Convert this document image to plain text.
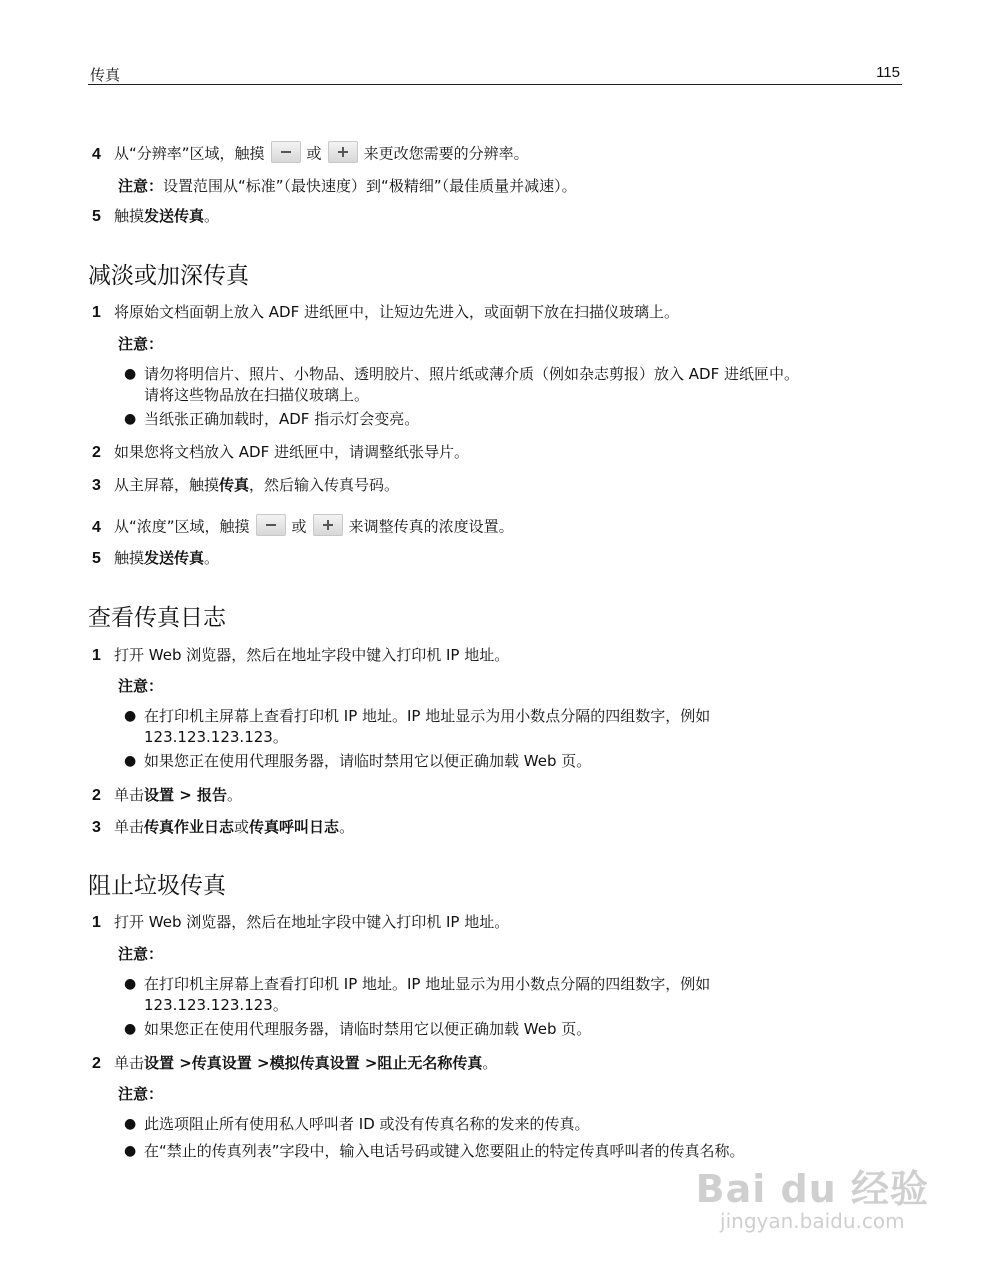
传真	115
4 从“分辨率”区域，触摸	或	来更改您需要的分辨率。
注意：设置范围从“标准”（最快速度）到“极精细”（最佳质量并减速）。
5 触摸发送传真。
减淡或加深传真
1 将原始文档面朝上放入 ADF 进纸匣中，让短边先进入，或面朝下放在扫描仪玻璃上。
注意：
● 请勿将明信片、照片、小物品、透明胶片、照片纸或薄介质（例如杂志剪报）放入 ADF 进纸匣中。
请将这些物品放在扫描仪玻璃上。
● 当纸张正确加载时，ADF 指示灯会变亮。
2 如果您将文档放入 ADF 进纸匣中，请调整纸张导片。
3 从主屏幕，触摸传真，然后输入传真号码。
4 从“浓度”区域，触摸	或	来调整传真的浓度设置。
5 触摸发送传真。
查看传真日志
1 打开 Web 浏览器，然后在地址字段中键入打印机 IP 地址。
注意：
● 在打印机主屏幕上查看打印机 IP 地址。IP 地址显示为用小数点分隔的四组数字，例如
123.123.123.123。
● 如果您正在使用代理服务器，请临时禁用它以便正确加载 Web 页。
2 单击设置 > 报告。
3 单击传真作业日志或传真呼叫日志。
阻止垃圾传真
1 打开 Web 浏览器，然后在地址字段中键入打印机 IP 地址。
注意：
● 在打印机主屏幕上查看打印机 IP 地址。IP 地址显示为用小数点分隔的四组数字，例如
123.123.123.123。
● 如果您正在使用代理服务器，请临时禁用它以便正确加载 Web 页。
2 单击设置 >传真设置 >模拟传真设置 >阻止无名称传真。
注意：
● 此选项阻止所有使用私人呼叫者 ID 或没有传真名称的发来的传真。
● 在“禁止的传真列表”字段中，输入电话号码或键入您要阻止的特定传真呼叫者的传真名称。
Bai du 经验
jingyan.baidu.com
